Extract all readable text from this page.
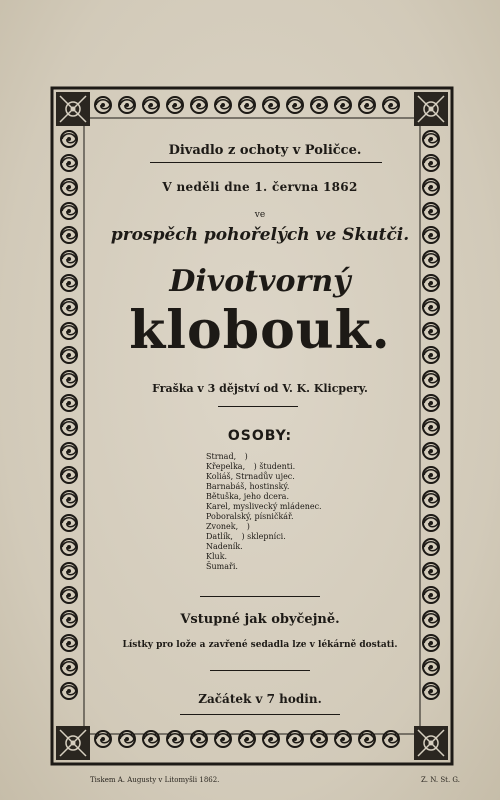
Divadlo z ochoty v Poličce.
V neděli dne 1. června 1862
ve
prospěch pohořelých ve Skutči.
Divotvorný
klobouk.
Fraška v 3 dějství od V. K. Klicpery.
OSOBY:
Strnad, )
Křepelka, ) študenti.
Koliáš, Strnadův ujec.
Barnabáš, hostinský.
Bětuška, jeho dcera.
Karel, myslivecký mládenec.
Poboralský, písničkář.
Zvonek, )
Datlík, ) sklepníci.
Nadeník.
Kluk.
Šumaři.
Vstupné jak obyčejně.
Lístky pro lože a zavřené sedadla lze v lékárně dostati.
Začátek v 7 hodin.
Tiskem A. Augusty v Litomyšli 1862.	Z. N. St. G.
